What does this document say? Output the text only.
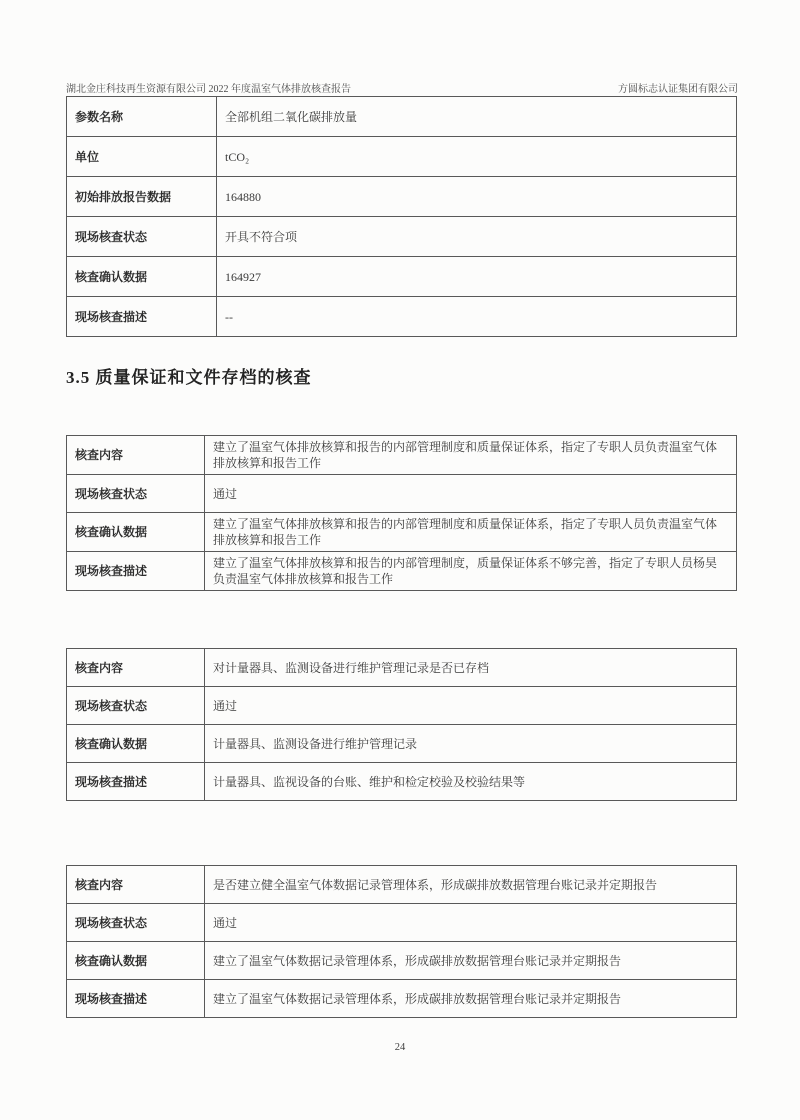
湖北金庄科技再生资源有限公司 2022 年度温室气体排放核查报告	方圆标志认证集团有限公司
参数名称	全部机组二氧化碳排放量
单位	tCO₂
初始排放报告数据	164880
现场核查状态	开具不符合项
核查确认数据	164927
现场核查描述	--
3.5 质量保证和文件存档的核查
核查内容	建立了温室气体排放核算和报告的内部管理制度和质量保证体系，指定了专职人员负责温室气体排放核算和报告工作
现场核查状态	通过
核查确认数据	建立了温室气体排放核算和报告的内部管理制度和质量保证体系，指定了专职人员负责温室气体排放核算和报告工作
现场核查描述	建立了温室气体排放核算和报告的内部管理制度，质量保证体系不够完善，指定了专职人员杨昊负责温室气体排放核算和报告工作
核查内容	对计量器具、监测设备进行维护管理记录是否已存档
现场核查状态	通过
核查确认数据	计量器具、监测设备进行维护管理记录
现场核查描述	计量器具、监视设备的台账、维护和检定校验及校验结果等
核查内容	是否建立健全温室气体数据记录管理体系，形成碳排放数据管理台账记录并定期报告
现场核查状态	通过
核查确认数据	建立了温室气体数据记录管理体系，形成碳排放数据管理台账记录并定期报告
现场核查描述	建立了温室气体数据记录管理体系，形成碳排放数据管理台账记录并定期报告
24
